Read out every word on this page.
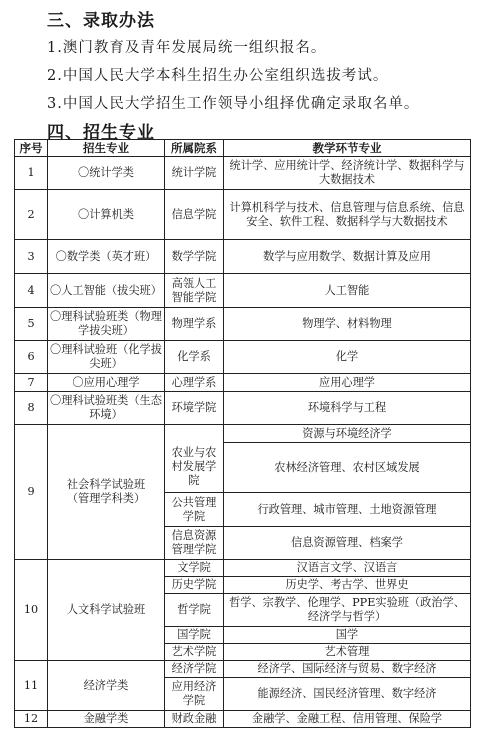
三、录取办法
1.澳门教育及青年发展局统一组织报名。
2.中国人民大学本科生招生办公室组织选拔考试。
3.中国人民大学招生工作领导小组择优确定录取名单。
四、招生专业
序号	招生专业	所属院系	教学环节专业
1	〇统计学类	统计学院	统计学、应用统计学、经济统计学、数据科学与大数据技术
2	〇计算机类	信息学院	计算机科学与技术、信息管理与信息系统、信息安全、软件工程、数据科学与大数据技术
3	〇数学类（英才班）	数学学院	数学与应用数学、数据计算及应用
4	〇人工智能（拔尖班）	高瓴人工智能学院	人工智能
5	〇理科试验班类（物理学拔尖班）	物理学系	物理学、材料物理
6	〇理科试验班（化学拔尖班）	化学系	化学
7	〇应用心理学	心理学系	应用心理学
8	〇理科试验班类（生态环境）	环境学院	环境科学与工程
9	社会科学试验班（管理学科类）		资源与环境经济学
		农业与农村发展学院	农林经济管理、农村区域发展
		公共管理学院	行政管理、城市管理、土地资源管理
		信息资源管理学院	信息资源管理、档案学
10	人文科学试验班	文学院	汉语言文学、汉语言
		历史学院	历史学、考古学、世界史
		哲学院	哲学、宗教学、伦理学、PPE实验班（政治学、经济学与哲学）
		国学院	国学
		艺术学院	艺术管理
11	经济学类	经济学院	经济学、国际经济与贸易、数字经济
		应用经济学院	能源经济、国民经济管理、数字经济
12	金融学类	财政金融	金融学、金融工程、信用管理、保险学
